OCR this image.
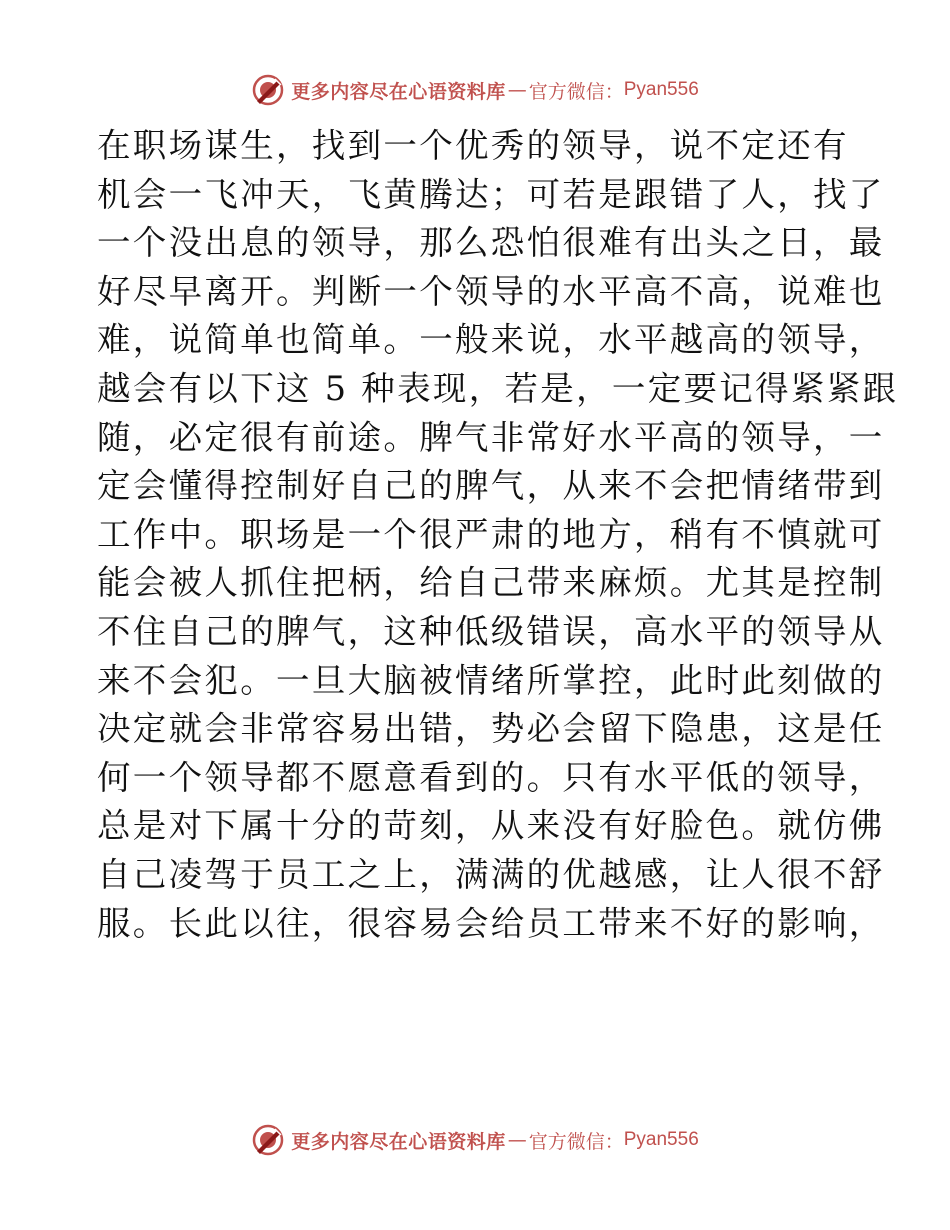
更多内容尽在心语资料库 — 官方微信： Pyan556
在职场谋生，找到一个优秀的领导，说不定还有
机会一飞冲天，飞黄腾达；可若是跟错了人，找了
一个没出息的领导，那么恐怕很难有出头之日，最
好尽早离开。判断一个领导的水平高不高，说难也
难，说简单也简单。一般来说，水平越高的领导，
越会有以下这 5 种表现，若是，一定要记得紧紧跟
随，必定很有前途。脾气非常好水平高的领导，一
定会懂得控制好自己的脾气，从来不会把情绪带到
工作中。职场是一个很严肃的地方，稍有不慎就可
能会被人抓住把柄，给自己带来麻烦。尤其是控制
不住自己的脾气，这种低级错误，高水平的领导从
来不会犯。一旦大脑被情绪所掌控，此时此刻做的
决定就会非常容易出错，势必会留下隐患，这是任
何一个领导都不愿意看到的。只有水平低的领导，
总是对下属十分的苛刻，从来没有好脸色。就仿佛
自己凌驾于员工之上，满满的优越感，让人很不舒
服。长此以往，很容易会给员工带来不好的影响，
更多内容尽在心语资料库 — 官方微信： Pyan556
